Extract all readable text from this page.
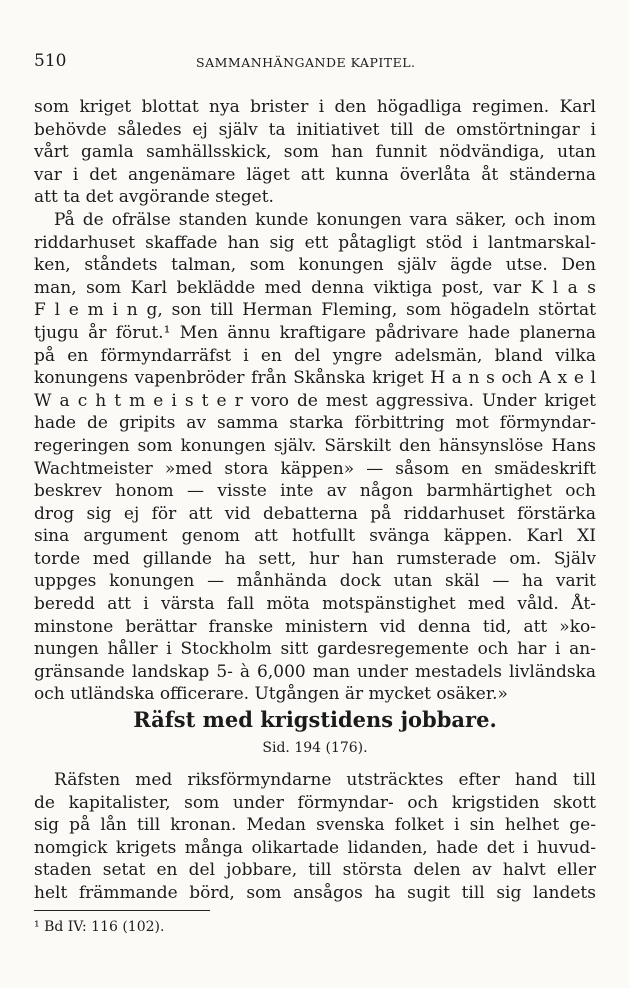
510	SAMMANHÄNGANDE KAPITEL.
som kriget blottat nya brister i den högadliga regimen. Karl
behövde således ej själv ta initiativet till de omstörtningar i
vårt gamla samhällsskick, som han funnit nödvändiga, utan
var i det angenämare läget att kunna överlåta åt ständerna
att ta det avgörande steget.
På de ofrälse standen kunde konungen vara säker, och inom
riddarhuset skaffade han sig ett påtagligt stöd i lantmarskal-
ken, ståndets talman, som konungen själv ägde utse. Den
man, som Karl beklädde med denna viktiga post, var K l a s
F l e m i n g, son till Herman Fleming, som högadeln störtat
tjugu år förut.¹ Men ännu kraftigare pådrivare hade planerna
på en förmyndarräfst i en del yngre adelsmän, bland vilka
konungens vapenbröder från Skånska kriget H a n s och A x e l
W a c h t m e i s t e r voro de mest aggressiva. Under kriget
hade de gripits av samma starka förbittring mot förmyndar-
regeringen som konungen själv. Särskilt den hänsynslöse Hans
Wachtmeister »med stora käppen» — såsom en smädeskrift
beskrev honom — visste inte av någon barmhärtighet och
drog sig ej för att vid debatterna på riddarhuset förstärka
sina argument genom att hotfullt svänga käppen. Karl XI
torde med gillande ha sett, hur han rumsterade om. Själv
uppges konungen — månhända dock utan skäl — ha varit
beredd att i värsta fall möta motspänstighet med våld. Åt-
minstone berättar franske ministern vid denna tid, att »ko-
nungen håller i Stockholm sitt gardesregemente och har i an-
gränsande landskap 5- à 6,000 man under mestadels livländska
och utländska officerare. Utgången är mycket osäker.»
Räfst med krigstidens jobbare.
Sid. 194 (176).
Räfsten med riksförmyndarne utsträcktes efter hand till
de kapitalister, som under förmyndar- och krigstiden skott
sig på lån till kronan. Medan svenska folket i sin helhet ge-
nomgick krigets många olikartade lidanden, hade det i huvud-
staden setat en del jobbare, till största delen av halvt eller
helt främmande börd, som ansågos ha sugit till sig landets
¹ Bd IV: 116 (102).
